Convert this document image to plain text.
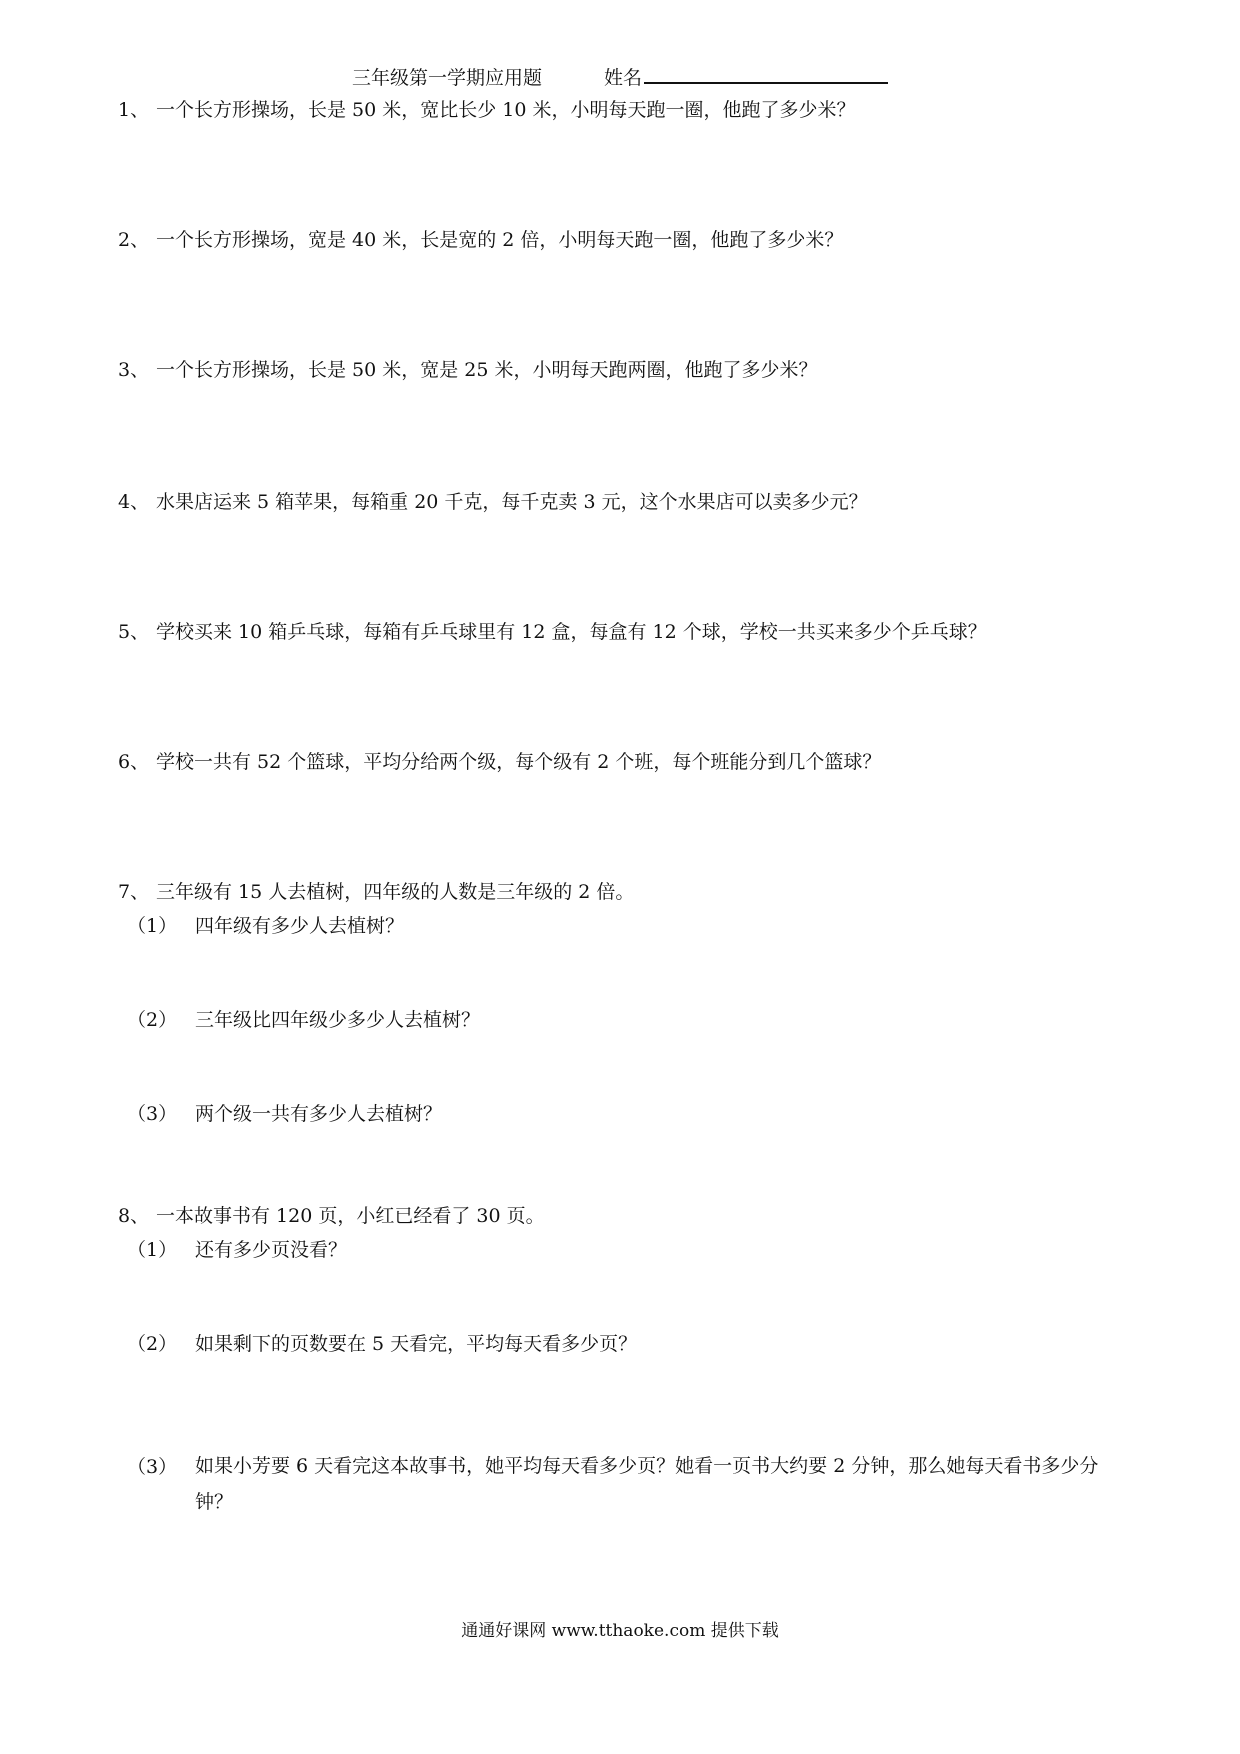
三年级第一学期应用题	姓名
1、 一个长方形操场，长是 50 米，宽比长少 10 米，小明每天跑一圈，他跑了多少米？
2、 一个长方形操场，宽是 40 米，长是宽的 2 倍，小明每天跑一圈，他跑了多少米？
3、 一个长方形操场，长是 50 米，宽是 25 米，小明每天跑两圈，他跑了多少米？
4、 水果店运来 5 箱苹果，每箱重 20 千克，每千克卖 3 元，这个水果店可以卖多少元？
5、 学校买来 10 箱乒乓球，每箱有乒乓球里有 12 盒，每盒有 12 个球，学校一共买来多少个乒乓球？
6、 学校一共有 52 个篮球，平均分给两个级，每个级有 2 个班，每个班能分到几个篮球？
7、 三年级有 15 人去植树，四年级的人数是三年级的 2 倍。
（1） 四年级有多少人去植树？
（2） 三年级比四年级少多少人去植树？
（3） 两个级一共有多少人去植树？
8、 一本故事书有 120 页，小红已经看了 30 页。
（1） 还有多少页没看？
（2） 如果剩下的页数要在 5 天看完，平均每天看多少页？
（3） 如果小芳要 6 天看完这本故事书，她平均每天看多少页？她看一页书大约要 2 分钟，那么她每天看书多少分钟？
通通好课网 www.tthaoke.com 提供下载
